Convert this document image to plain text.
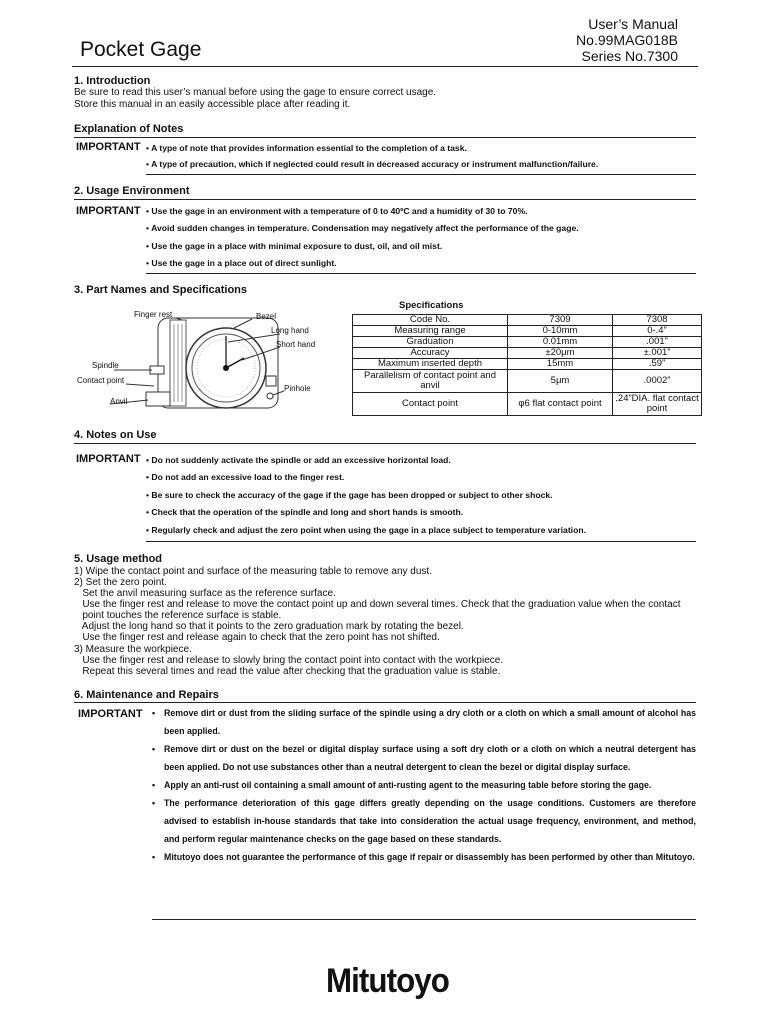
Pocket Gage
User’s Manual
No.99MAG018B
Series No.7300
1. Introduction
Be sure to read this user’s manual before using the gage to ensure correct usage.
Store this manual in an easily accessible place after reading it.
Explanation of Notes
IMPORTANT • A type of note that provides information essential to the completion of a task.
• A type of precaution, which if neglected could result in decreased accuracy or instrument malfunction/failure.
2. Usage Environment
IMPORTANT • Use the gage in an environment with a temperature of 0 to 40ºC and a humidity of 30 to 70%.
• Avoid sudden changes in temperature. Condensation may negatively affect the performance of the gage.
• Use the gage in a place with minimal exposure to dust, oil, and oil mist.
• Use the gage in a place out of direct sunlight.
3. Part Names and Specifications
Finger rest	Bezel
Long hand
Short hand
Spindle
Contact point
Anvil
Pinhole
Specifications
Code No.	7309	7308
Measuring range	0-10mm	0-.4”
Graduation	0.01mm	.001”
Accuracy	±20μm	±.001”
Maximum inserted depth	15mm	.59”
Parallelism of contact point and anvil	5μm	.0002”
Contact point	φ6 flat contact point	.24”DIA. flat contact point
4. Notes on Use
IMPORTANT • Do not suddenly activate the spindle or add an excessive horizontal load.
• Do not add an excessive load to the finger rest.
• Be sure to check the accuracy of the gage if the gage has been dropped or subject to other shock.
• Check that the operation of the spindle and long and short hands is smooth.
• Regularly check and adjust the zero point when using the gage in a place subject to temperature variation.
5. Usage method
1) Wipe the contact point and surface of the measuring table to remove any dust.
2) Set the zero point.
Set the anvil measuring surface as the reference surface.
Use the finger rest and release to move the contact point up and down several times. Check that the graduation value when the contact
point touches the reference surface is stable.
Adjust the long hand so that it points to the zero graduation mark by rotating the bezel.
Use the finger rest and release again to check that the zero point has not shifted.
3) Measure the workpiece.
Use the finger rest and release to slowly bring the contact point into contact with the workpiece.
Repeat this several times and read the value after checking that the graduation value is stable.
6. Maintenance and Repairs
IMPORTANT •	Remove dirt or dust from the sliding surface of the spindle using a dry cloth or a cloth on which a small amount of alcohol has been applied.
•	Remove dirt or dust on the bezel or digital display surface using a soft dry cloth or a cloth on which a neutral detergent has been applied. Do not use substances other than a neutral detergent to clean the bezel or digital display surface.
•	Apply an anti-rust oil containing a small amount of anti-rusting agent to the measuring table before storing the gage.
•	The performance deterioration of this gage differs greatly depending on the usage conditions. Customers are therefore advised to establish in-house standards that take into consideration the actual usage frequency, environment, and method, and perform regular maintenance checks on the gage based on these standards.
•	Mitutoyo does not guarantee the performance of this gage if repair or disassembly has been performed by other than Mitutoyo.
Mitutoyo
